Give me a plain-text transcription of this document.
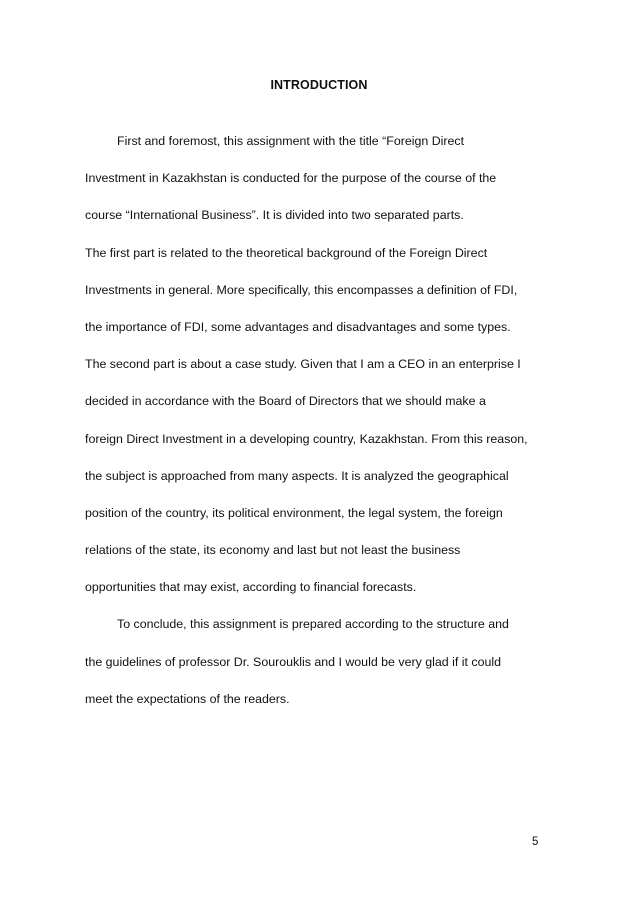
INTRODUCTION
First and foremost, this assignment with the title “Foreign Direct
Investment in Kazakhstan is conducted for the purpose of the course of the
course “International Business”. It is divided into two separated parts.
The first part is related to the theoretical background of the Foreign Direct
Investments in general. More specifically, this encompasses a definition of FDI,
the importance of FDI, some advantages and disadvantages and some types.
The second part is about a case study. Given that I am a CEO in an enterprise I
decided in accordance with the Board of Directors that we should make a
foreign Direct Investment in a developing country, Kazakhstan. From this reason,
the subject is approached from many aspects. It is analyzed the geographical
position of the country, its political environment, the legal system, the foreign
relations of the state, its economy and last but not least the business
opportunities that may exist, according to financial forecasts.
To conclude, this assignment is prepared according to the structure and
the guidelines of professor Dr. Sourouklis and I would be very glad if it could
meet the expectations of the readers.
5
